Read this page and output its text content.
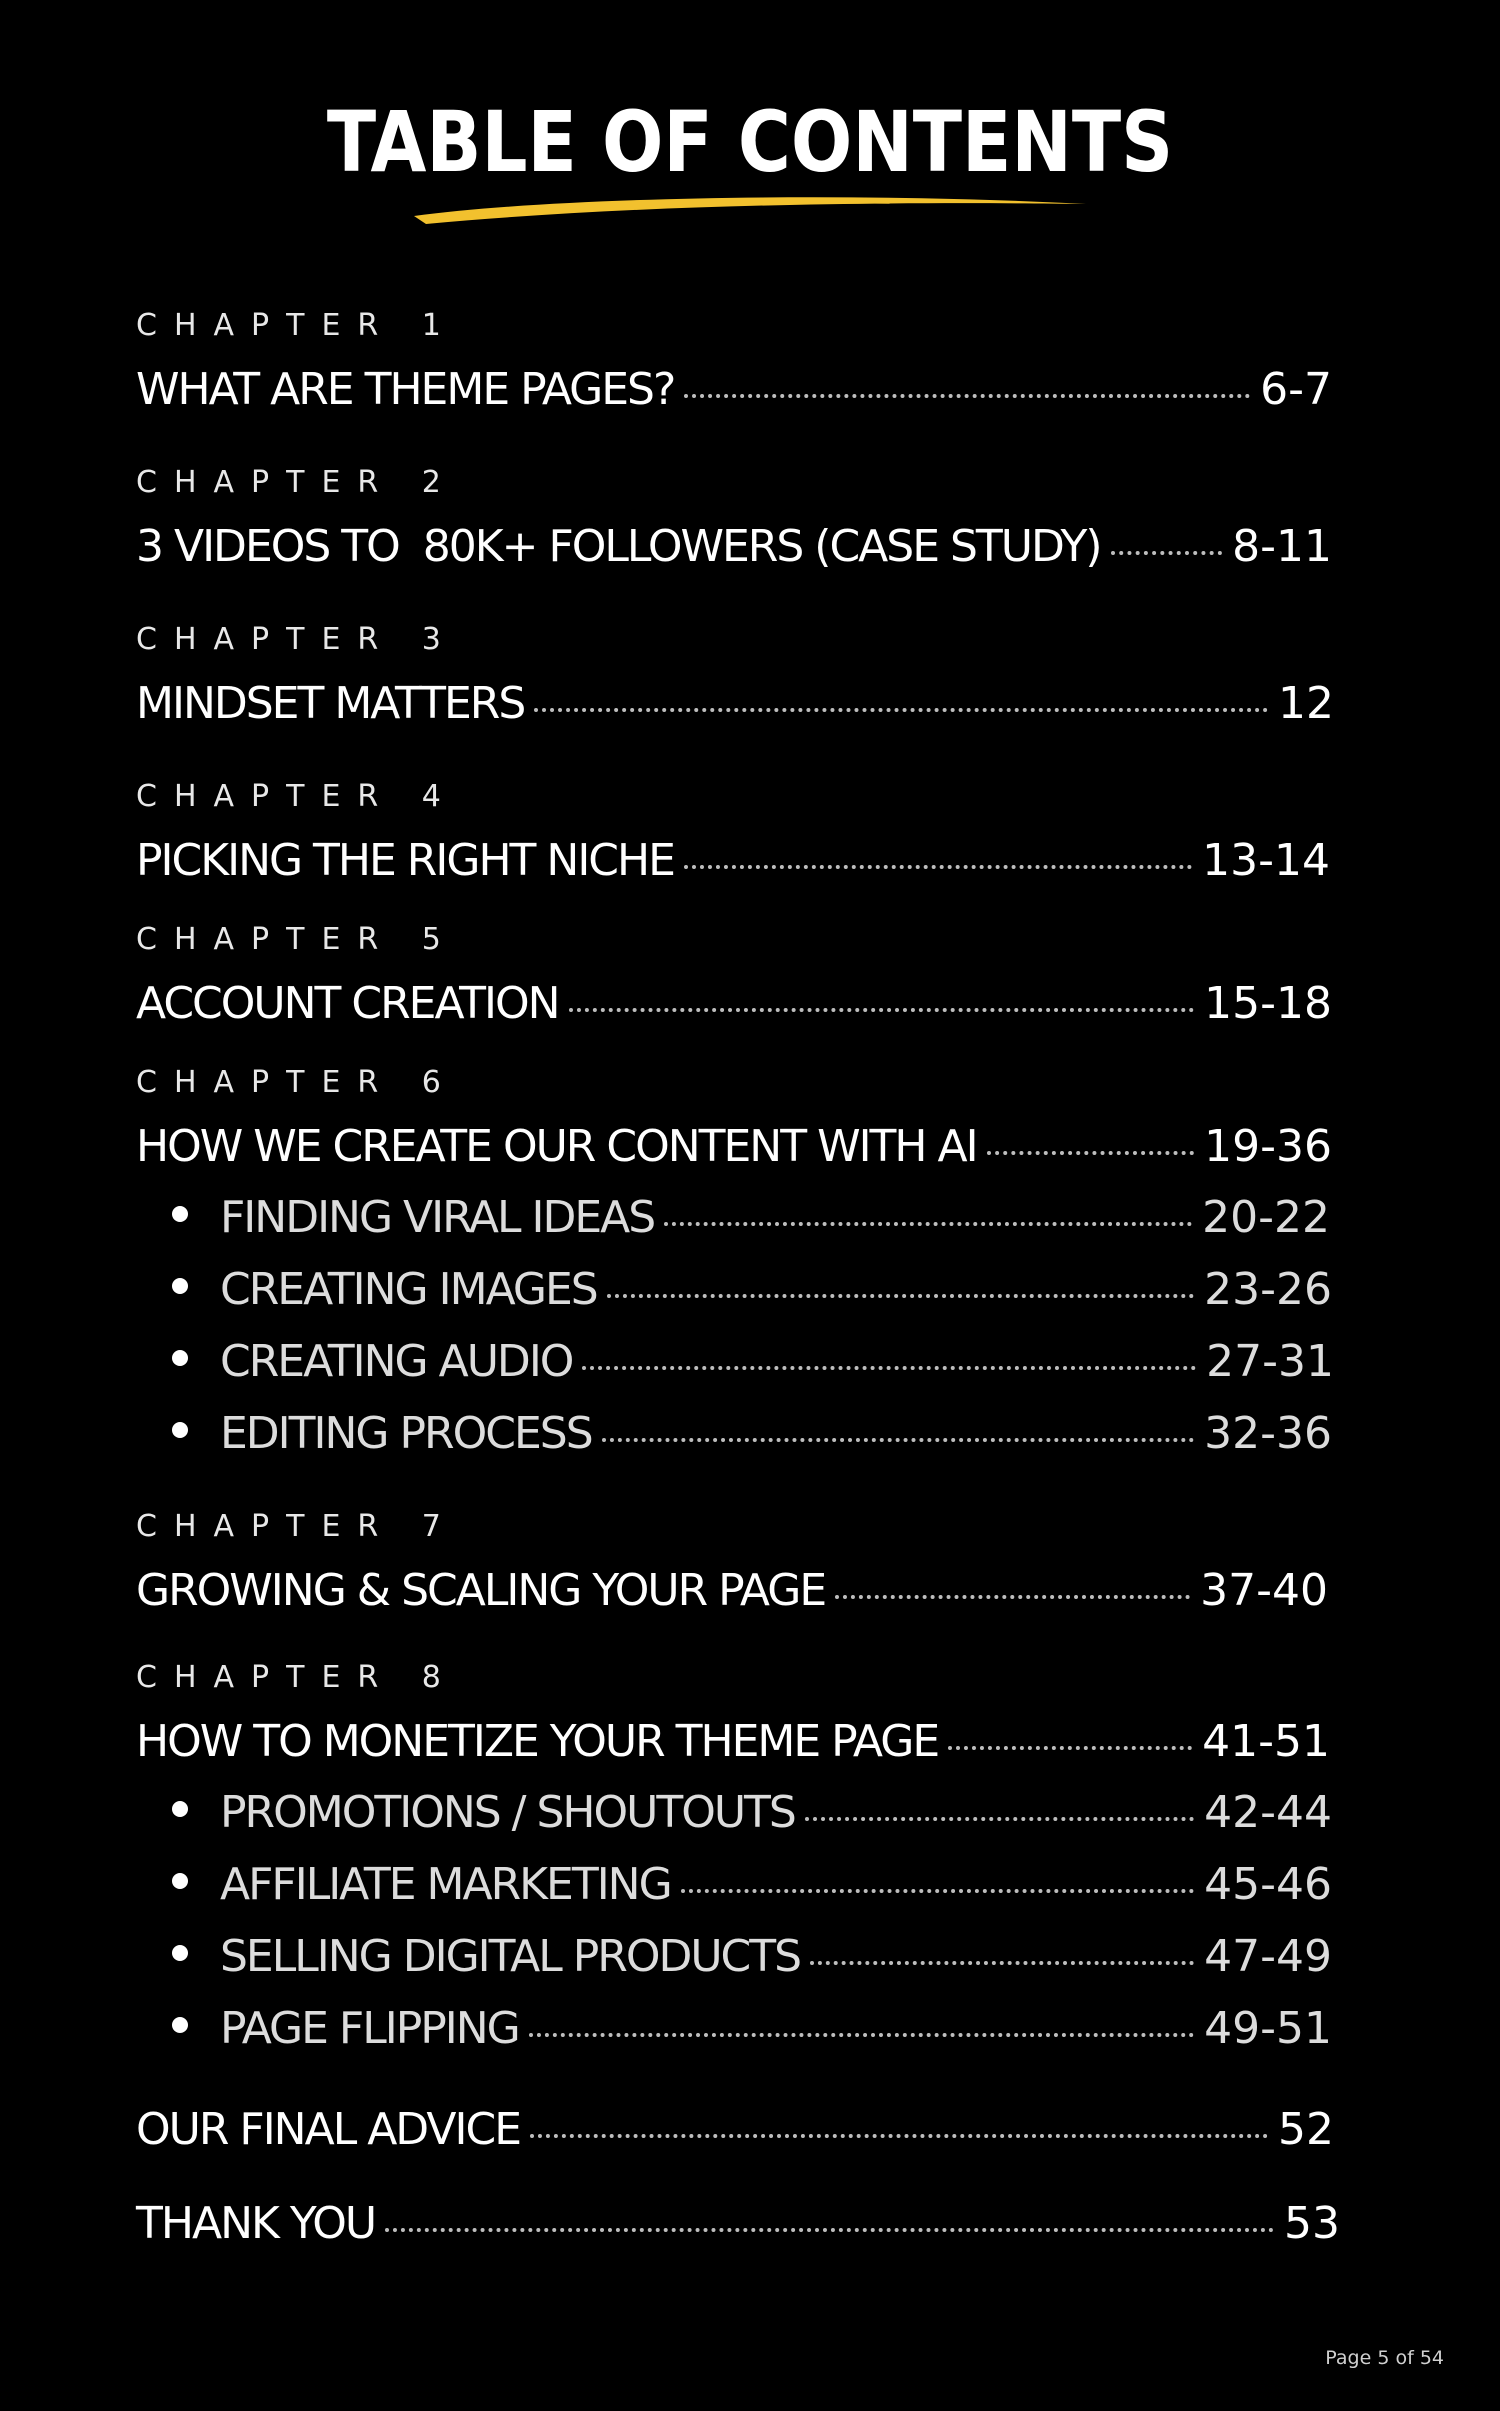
TABLE OF CONTENTS
CHAPTER 1
WHAT ARE THEME PAGES?	6-7
CHAPTER 2
3 VIDEOS TO  80K+ FOLLOWERS (CASE STUDY)	8-11
CHAPTER 3
MINDSET MATTERS	12
CHAPTER 4
PICKING THE RIGHT NICHE	13-14
CHAPTER 5
ACCOUNT CREATION	15-18
CHAPTER 6
HOW WE CREATE OUR CONTENT WITH AI	19-36
FINDING VIRAL IDEAS	20-22
CREATING IMAGES	23-26
CREATING AUDIO	27-31
EDITING PROCESS	32-36
CHAPTER 7
GROWING & SCALING YOUR PAGE	37-40
CHAPTER 8
HOW TO MONETIZE YOUR THEME PAGE	41-51
PROMOTIONS / SHOUTOUTS	42-44
AFFILIATE MARKETING	45-46
SELLING DIGITAL PRODUCTS	47-49
PAGE FLIPPING	49-51
OUR FINAL ADVICE	52
THANK YOU	53
Page 5 of 54
